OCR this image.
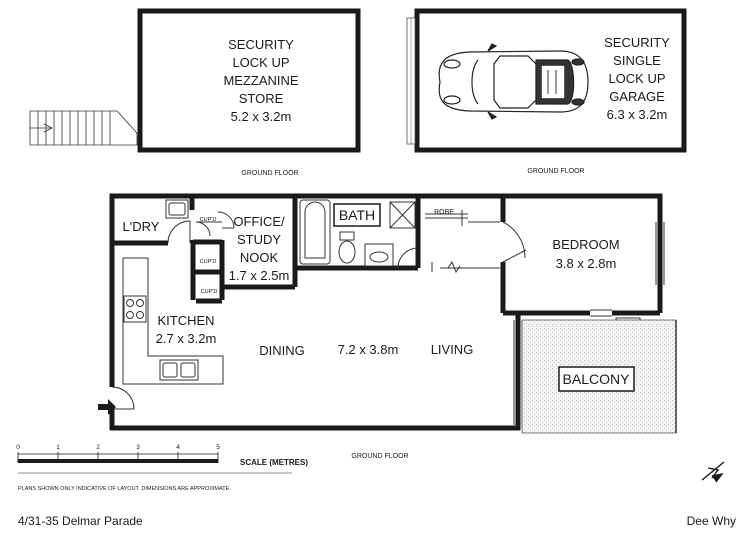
SECURITY
LOCK UP
MEZZANINE
STORE
5.2 x 3.2m
GROUND FLOOR
SECURITY
SINGLE
LOCK UP
GARAGE
6.3 x 3.2m
GROUND FLOOR
BALCONY
BATH
L'DRY	CUP'D
CUP'D
CUP'D
OFFICE/
STUDY
NOOK
1.7 x 2.5m
ROBE
BEDROOM
3.8 x 2.8m
KITCHEN
2.7 x 3.2m
DINING	7.2 x 3.8m LIVING
GROUND FLOOR
0	1	2	3	4	5
SCALE (METRES)
PLANS SHOWN ONLY INDICATIVE OF LAYOUT. DIMENSIONS ARE APPROXIMATE.
4/31-35 Delmar Parade	Dee Why
